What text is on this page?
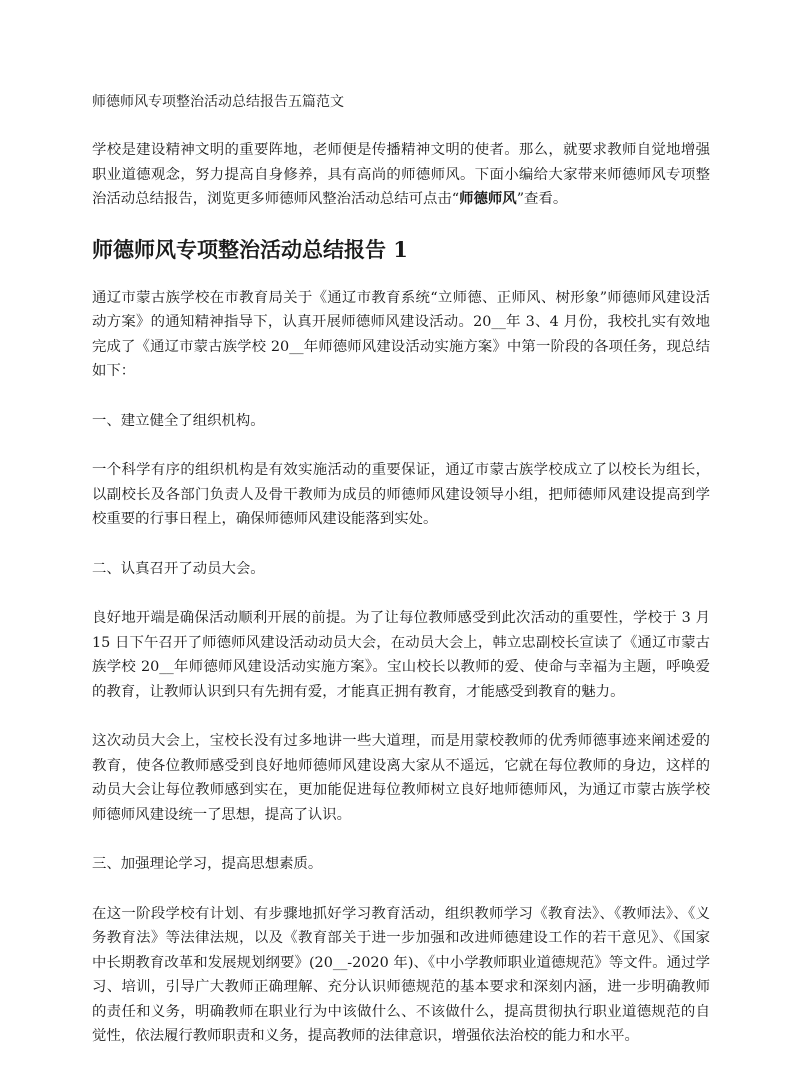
师德师风专项整治活动总结报告五篇范文

学校是建设精神文明的重要阵地，老师便是传播精神文明的使者。那么，就要求教师自觉地增强职业道德观念，努力提高自身修养，具有高尚的师德师风。下面小编给大家带来师德师风专项整治活动总结报告，浏览更多师德师风整治活动总结可点击“师德师风”查看。

师德师风专项整治活动总结报告 1

通辽市蒙古族学校在市教育局关于《通辽市教育系统“立师德、正师风、树形象”师德师风建设活动方案》的通知精神指导下，认真开展师德师风建设活动。20__年 3、4 月份，我校扎实有效地完成了《通辽市蒙古族学校 20__年师德师风建设活动实施方案》中第一阶段的各项任务，现总结如下：

一、建立健全了组织机构。

一个科学有序的组织机构是有效实施活动的重要保证，通辽市蒙古族学校成立了以校长为组长，以副校长及各部门负责人及骨干教师为成员的师德师风建设领导小组，把师德师风建设提高到学校重要的行事日程上，确保师德师风建设能落到实处。

二、认真召开了动员大会。

良好地开端是确保活动顺利开展的前提。为了让每位教师感受到此次活动的重要性，学校于 3 月 15 日下午召开了师德师风建设活动动员大会，在动员大会上，韩立忠副校长宣读了《通辽市蒙古族学校 20__年师德师风建设活动实施方案》。宝山校长以教师的爱、使命与幸福为主题，呼唤爱的教育，让教师认识到只有先拥有爱，才能真正拥有教育，才能感受到教育的魅力。

这次动员大会上，宝校长没有过多地讲一些大道理，而是用蒙校教师的优秀师德事迹来阐述爱的教育，使各位教师感受到良好地师德师风建设离大家从不遥远，它就在每位教师的身边，这样的动员大会让每位教师感到实在，更加能促进每位教师树立良好地师德师风，为通辽市蒙古族学校师德师风建设统一了思想，提高了认识。

三、加强理论学习，提高思想素质。

在这一阶段学校有计划、有步骤地抓好学习教育活动，组织教师学习《教育法》、《教师法》、《义务教育法》等法律法规，以及《教育部关于进一步加强和改进师德建设工作的若干意见》、《国家中长期教育改革和发展规划纲要》(20__-2020 年)、《中小学教师职业道德规范》等文件。通过学习、培训，引导广大教师正确理解、充分认识师德规范的基本要求和深刻内涵，进一步明确教师的责任和义务，明确教师在职业行为中该做什么、不该做什么，提高贯彻执行职业道德规范的自觉性，依法履行教师职责和义务，提高教师的法律意识，增强依法治校的能力和水平。
